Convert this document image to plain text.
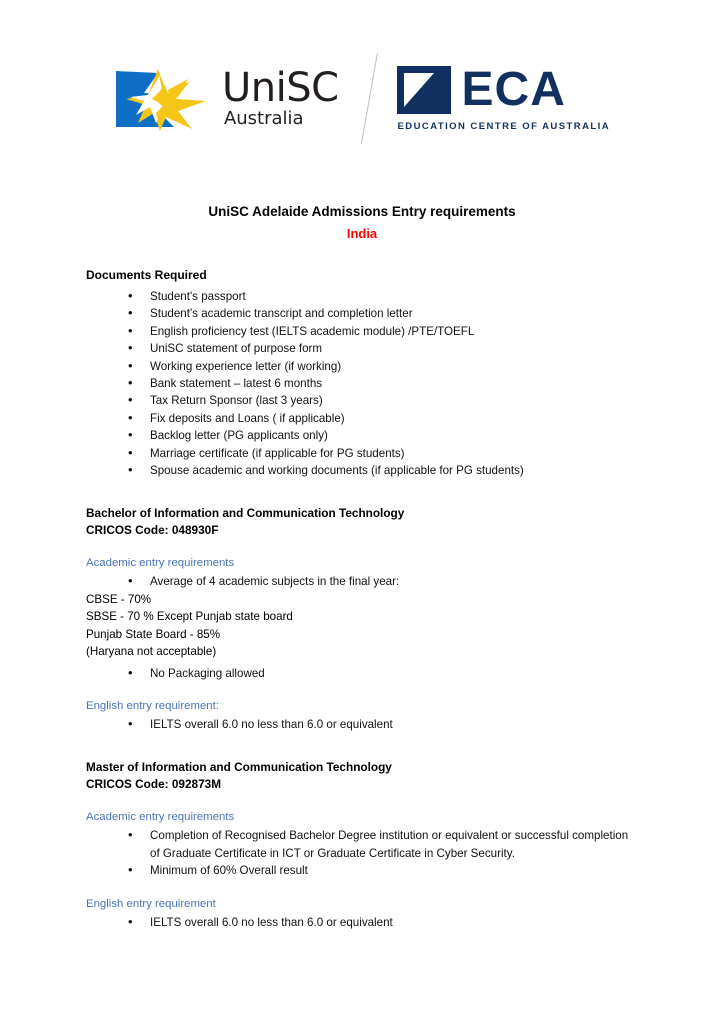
UniSC
Australia
ECA
EDUCATION CENTRE OF AUSTRALIA
UniSC Adelaide Admissions Entry requirements
India
Documents Required
• Student's passport
• Student's academic transcript and completion letter
• English proficiency test (IELTS academic module) /PTE/TOEFL
• UniSC statement of purpose form
• Working experience letter (if working)
• Bank statement – latest 6 months
• Tax Return Sponsor (last 3 years)
• Fix deposits and Loans ( if applicable)
• Backlog letter (PG applicants only)
• Marriage certificate (if applicable for PG students)
• Spouse academic and working documents (if applicable for PG students)
Bachelor of Information and Communication Technology
CRICOS Code: 048930F
Academic entry requirements
• Average of 4 academic subjects in the final year:
CBSE - 70%
SBSE - 70 % Except Punjab state board
Punjab State Board - 85%
(Haryana not acceptable)
• No Packaging allowed
English entry requirement:
• IELTS overall 6.0 no less than 6.0 or equivalent
Master of Information and Communication Technology
CRICOS Code: 092873M
Academic entry requirements
• Completion of Recognised Bachelor Degree institution or equivalent or successful completion of Graduate Certificate in ICT or Graduate Certificate in Cyber Security.
• Minimum of 60% Overall result
English entry requirement
• IELTS overall 6.0 no less than 6.0 or equivalent
